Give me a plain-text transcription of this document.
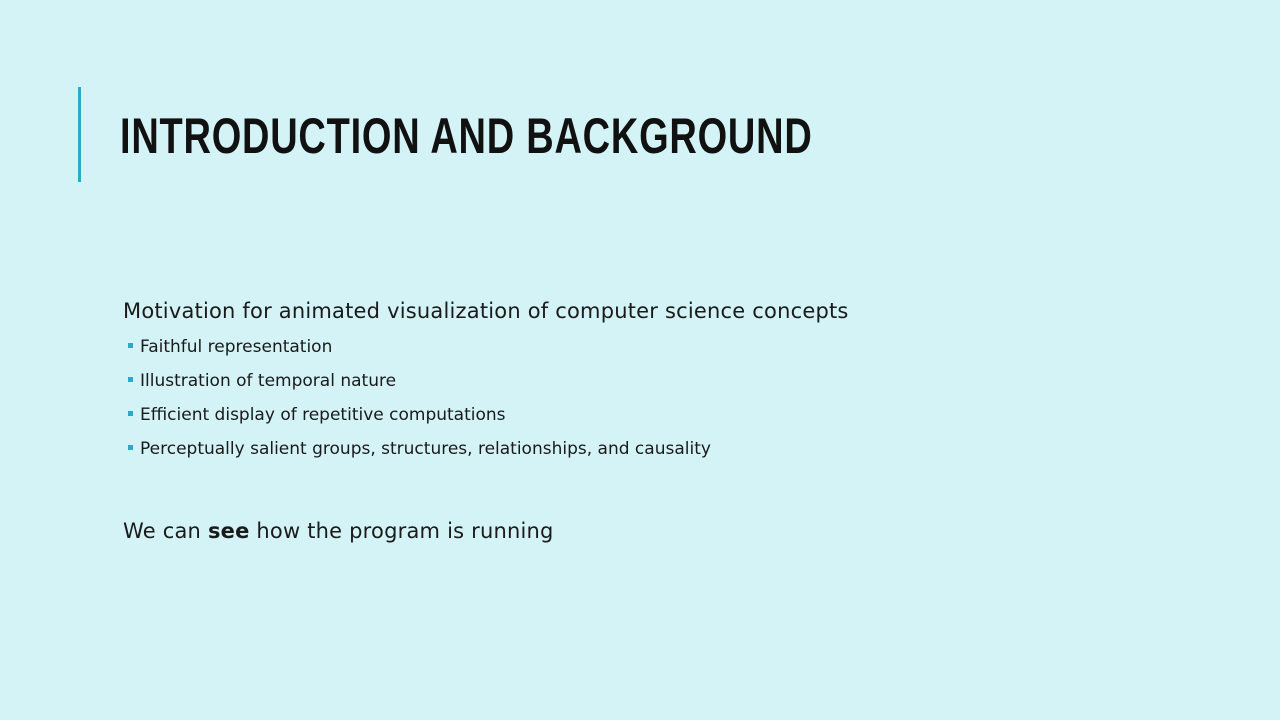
INTRODUCTION AND BACKGROUND

Motivation for animated visualization of computer science concepts

Faithful representation
Illustration of temporal nature
Efficient display of repetitive computations
Perceptually salient groups, structures, relationships, and causality

We can see how the program is running
